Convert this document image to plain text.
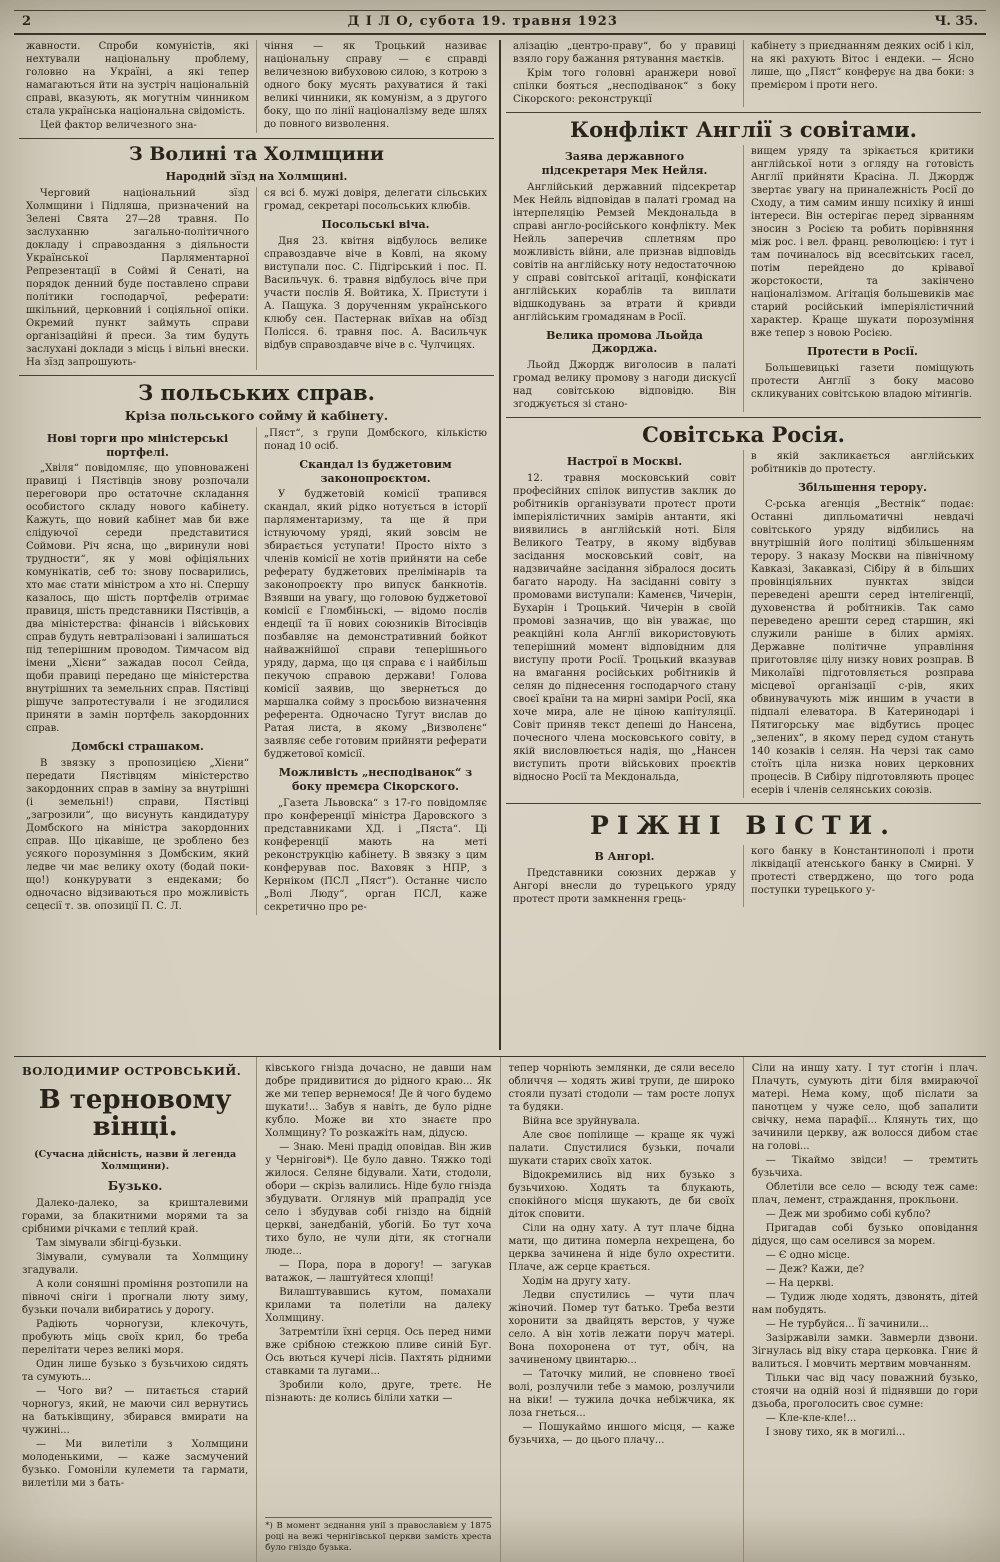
2	Д І Л О, субота 19. травня 1923	Ч. 35.

жавности. Спроби комуністів, які нехтували національну проблему, головно на Україні, а які тепер намагаються йти на зустріч національній справі, вказують, як могутнім чинником стала українська національна свідомість.

Цей фактор величезного зна-

чіння — як Троцький називає національну справу — є справді величезною вибуховою силою, з котрою з одного боку мусять рахуватися й такі великі чинники, як комунізм, а з другого боку, що по лінії націоналізму веде шлях до повного визволення.

З Волині та Холмщини
Народній зїзд на Холмщині.

Черговий національний зїзд Холмщини і Підляша, призначений на Зелені Свята 27—28 травня. По заслуханню загально-політичного докладу і справоздання з діяльности Української Парляментарної Репрезентації в Соймі й Сенаті, на порядок денний буде поставлено справи політики господарчої, реферати: шкільний, церковний і соціяльної опіки. Окремий пункт займуть справи організаційні й преси. За тим будуть заслухані доклади з місць і вільні внески. На зїзд запрошують-

ся всі б. мужі довіря, делегати сільських громад, секретарі посольських клюбів.

Посольські віча.

Дня 23. квітня відбулось велике справоздавче віче в Ковлі, на якому виступали пос. С. Підгірський і пос. П. Васильчук. 6. травня відбулось віче при участи послів Я. Войтика, Х. Пристути і А. Пащука. З дорученням українського клюбу сен. Пастернак виїхав на обїзд Полісся. 6. травня пос. А. Васильчук відбув справоздавче віче в с. Чулчицях.

З польських справ.
Кріза польського сойму й кабінету.
Нові торги про міністерські портфелі.

„Хвіля“ повідомляє, що уповноважені правиці і Пястівців знову розпочали переговори про остаточне складання особистого складу нового кабінету. Кажуть, що новий кабінет мав би вже слідуючої середи представитися Соймови. Річ ясна, що „виринули нові трудности“, як у мові офіціяльних комунікатів, себ то: знову посварились, хто має стати міністром а хто ні. Спершу казалось, що шість портфелів отримає правиця, шість представники Пястівців, а два міністерства: фінансів і військових справ будуть невтралізовані і залишаться під теперішним проводом. Тимчасом від імени „Хієни“ зажадав посол Сейда, щоби правиці передано ще міністерства внутрішних та земельних справ. Пястівці рішуче запротестували і не згодилися приняти в замін портфель закордонних справ.

Домбскі страшаком.

В звязку з пропозицією „Хієни“ передати Пястівцям міністерство закордонних справ в заміну за внутрішні (і земельні!) справи, Пястівці „загрозили“, що висунуть кандидатуру Домбского на міністра закордонних справ. Що цікавіше, це зроблено без усякого порозуміння з Домбским, який ледве чи має велику охоту (бодай поки-що!) конкурувати з ендеками; бо одночасно відзиваються про можливість сецесії т. зв. опозиції П. С. Л.

„Пяст“, з групи Домбского, кількістю понад 10 осіб.

Скандал із буджетовим законопроєктом.

У буджетовій комісії трапився скандал, який рідко нотується в історії парляментаризму, та ще й при істнуючому уряді, який зовсім не збирається уступати! Просто ніхто з членів комісії не хотів прийняти на себе реферату буджетових прелімінарів та законопроєкту про випуск банкнотів. Взявши на увагу, що головою буджетової комісії є Гломбіньскі, — відомо послів ендеції та її нових союзників Вітосівців позбавляє на демонстративний бойкот найважнійшої справи теперішнього уряду, дарма, що ця справа є і найбільш пекучою справою держави! Голова комісії заявив, що звернеться до маршалка сойму з просьбою визначення референта. Одночасно Тугут вислав до Ратая листа, в якому „Визволєнє“ заявляє себе готовим прийняти реферати буджетової комісії.

Можливість „несподіванок“ з боку премєра Сікорского.

„Газета Львовска“ з 17-го повідомляє про конференції міністра Даровского з представниками ХД. і „Пяста“. Ці конференції мають на меті реконструкцію кабінету. В звязку з цим конферував пос. Ваховяк з НПР, з Керніком (ПСЛ „Пяст“). Останнє число „Волі Люду“, орган ПСЛ, каже секретично про ре-

алізацію „центро-праву“, бо у правиці взяло гору бажання рятування маєтків.

Крім того головні аранжери нової спілки бояться „несподіванок“ з боку Сікорского: реконструкції

кабінету з приєднанням деяких осіб і кіл, на які рахують Вітос і ендеки. — Ясно лише, що „Пяст“ конферує на два боки: з премієром і проти него.

Конфлікт Англії з совітами.
Заява державного підсекретаря Мек Нейля.

Англійський державний підсекретар Мек Нейль відповідав в палаті громад на інтерпеляцію Ремзей Мекдональда в справі англо-російського конфлікту. Мек Нейль заперечив сплетням про можливість війни, але признав відповідь совітів на англійську ноту недостаточною у справі совітської агітації, конфіскати англійських кораблів та виплати відшкодувань за втрати й кривди англійським громадянам в Росії.

Велика промова Льойда Джорджа.

Льойд Джордж виголосив в палаті громад велику промову з нагоди дискусії над совітською відповідю. Він згоджується зі стано-

вищем уряду та зрікається критики англійської ноти з огляду на готовість Англії прийняти Красіна. Л. Джордж звертає увагу на приналежність Росії до Сходу, а тим самим иншу психіку й инші інтереси. Він остерігає перед зірванням зносин з Росією та робить порівняння між рос. і вел. франц. революцією: і тут і там починалось від всесвітських гасел, потім перейдено до крівавої жорстокости, та закінчено націоналізмом. Агітація большевиків має старий російський імперіялістичний характер. Краще шукати порозуміння вже тепер з новою Росією.

Протести в Росії.

Большевицькі газети поміщують протести Англії з боку масово скликуваних совітською владою мітингів.

Совітська Росія.
Настрої в Москві.

12. травня московський совіт професійних спілок випустив заклик до робітників організувати протест проти імперіялістичних замірів антанти, які виявились в англійській ноті. Біля Великого Театру, в якому відбував засідання московський совіт, на надзвичайне засідання зібралося досить багато народу. На засіданні совіту з промовами виступали: Каменєв, Чичерін, Бухарін і Троцький. Чичерін в своїй промові зазначив, що він уважає, що реакційні кола Англії використовують теперішний момент відповідним для виступу проти Росії. Троцький вказував на вмагання російських робітників й селян до піднесення господарчого стану своєї країни та на мирні заміри Росії, яка хоче мира, але не ціною капітуляції. Совіт приняв текст депеші до Нансена, почесного члена московського совіту, в якій висловлюється надія, що „Нансен виступить проти військових проєктів відносно Росії та Мекдональда,

в якій закликається англійських робітників до протесту.

Збільшення терору.

С-рська агенція „Вестнік“ подає: Останні дипльоматичні невдачі совітського уряду відбились на внутрішній його політиці збільшенням терору. З наказу Москви на північному Кавказі, Закавказі, Сібіру й в більших провінціяльних пунктах звідси переведені арешти серед інтелігенції, духовенства й робітників. Так само переведено арешти серед старшин, які служили раніше в білих арміях. Державне політичне управління приготовляє цілу низку нових розправ. В Миколаїві підготовляється розправа місцевої організації с-рів, яких обвинувачують між иншим в участи в підпалі елеватора. В Катеринодарі і Пятигорську має відбутись процес „зелених“, в якому перед судом стануть 140 козаків і селян. На черзі так само стоїть ціла низка нових церковних процесів. В Сибіру підготовляють процес есерів і членів селянських союзів.

РІЖНІ ВІСТИ.
В Ангорі.

Представники союзних держав у Ангорі внесли до турецького уряду протест проти замкнення грець-

кого банку в Константинополі і проти ліквідації атенського банку в Смирні. У протесті стверджено, що того рода поступки турецького у-

ВОЛОДИМИР ОСТРОВСЬКИЙ.
В терновому вінці.
(Сучасна дійсність, назви й легенда Холмщини).
Бузько.

Далеко-далеко, за кришталевими горами, за блакитними морями та за срібними річками є теплий край.

Там зімували збігці-бузьки.

Зімували, сумували та Холмщину згадували.

А коли соняшні проміння розтопили на півночі сніги і прогнали люту зиму, бузьки почали вибиратись у дорогу.

Радіють чорногузи, клекочуть, пробують міць своїх крил, бо треба перелітати через великі моря.

Один лише бузько з бузьчихою сидять та сумують...

— Чого ви? — питається старий чорногуз, який, не маючи сил вернутись на батьківщину, збирався вмирати на чужині...

— Ми вилетіли з Холмщини молоденькими, — каже засмучений бузько. Гомоніли кулемети та гармати, вилетіли ми з бать-

ківського гнізда дочасно, не давши нам добре придивитися до рідного краю... Як же ми тепер вернемося! Де й чого будемо шукати!... Забув я навіть, де було рідне кубло. Може ви хто знаєте про Холмщину? То розкажіть нам, дідусю.

— Знаю. Мені прадід оповідав. Він жив у Чернігові*). Це було давно. Тяжко тоді жилося. Селяне бідували. Хати, стодоли, обори — скрізь валились. Ніде було гнізда збудувати. Оглянув мій прапрадід усе село і збудував собі гніздо на бідній церкві, занедбаній, убогій. Бо тут хоча тихо було, не чули діти, як стогнали люде...

— Пора, пора в дорогу! — загукав ватажок, — лаштуйтеся хлопці!

Вилаштувавшись кутом, помахали крилами та полетіли на далеку Холмщину.

Затремтіли їхні серця. Ось перед ними вже срібною стежкою пливе синій Буг. Ось вються кучері лісів. Пахтять рідними ставками та лугами...

Зробили коло, друге, третє. Не пізнають: де колись біліли хатки —

*) В момент зєднання унії з православієм у 1875 році на вежі чернігівської церкви замість хреста було гніздо бузька.

тепер чорніють землянки, де сяли весело обличчя — ходять живі трупи, де широко стояли пузаті стодоли — там росте лопух та будяки.

Війна все зруйнувала.

Але своє попілище — краще як чужі палати. Спустилися бузьки, почали шукати старих своїх хаток.

Відокремились від них бузько з бузьчихою. Ходять та блукають, спокійного місця шукають, де би своїх діток сповити.

Сіли на одну хату. А тут плаче бідна мати, що дитина померла нехрещена, бо церква зачинена й ніде було охрестити. Плаче, аж серце крається.

Ходім на другу хату.

Ледви спустились — чути плач жіночий. Помер тут батько. Треба везти хоронити за двайцять верстов, у чуже село. А він хотів лежати поруч матері. Вона похоронена от тут, обіч, на зачиненому цвинтарю...

— Таточку милий, не сповнено твоєї волі, розлучили тебе з мамою, розлучили на віки! — тужила дочка небіжчика, як лоза гнеться...

— Пошукаймо иншого місця, — каже бузьчиха, — до цього плачу...

Сіли на иншу хату. І тут стогін і плач. Плачуть, сумують діти біля вмираючої матері. Нема кому, щоб післати за панотцем у чуже село, щоб запалити свічку, нема парафії... Клянуть тих, що зачинили церкву, аж волосся дибом стає на голові...

— Тікаймо звідси! — тремтить бузьчиха.

Облетіли все село — всюду теж саме: плач, лемент, страждання, прокльони.

— Деж ми зробимо собі кубло?

Пригадав собі бузько оповідання дідуся, що сам оселився за морем.

— Є одно місце.

— Деж? Кажи, де?

— На церкві.

— Тудиж люде ходять, дзвонять, дітей нам побудять.

— Не турбуйся... Її зачинили...

Зазіржавіли замки. Завмерли дзвони. Зігнулась від віку стара церковка. Гниє й валиться. І мовчить мертвим мовчанням.

Тільки час від часу поважний бузько, стоячи на одній нозі й піднявши до гори дзьоба, проголосить своє сумне:

— Кле-кле-кле!...

І знову тихо, як в могилі...
